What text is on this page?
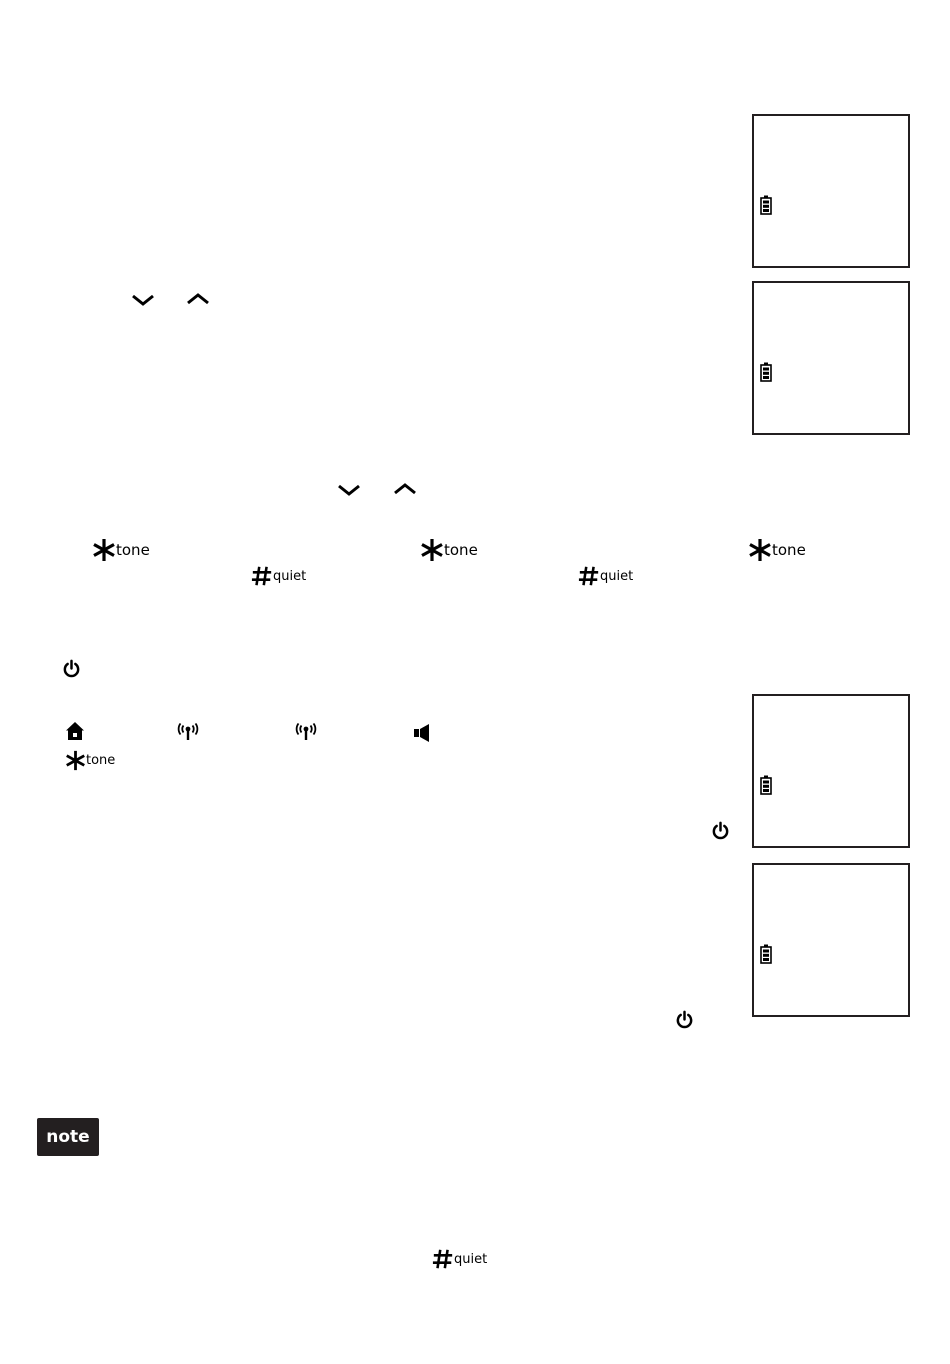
tone	tone	tone
quiet	quiet
tone
note
quiet
